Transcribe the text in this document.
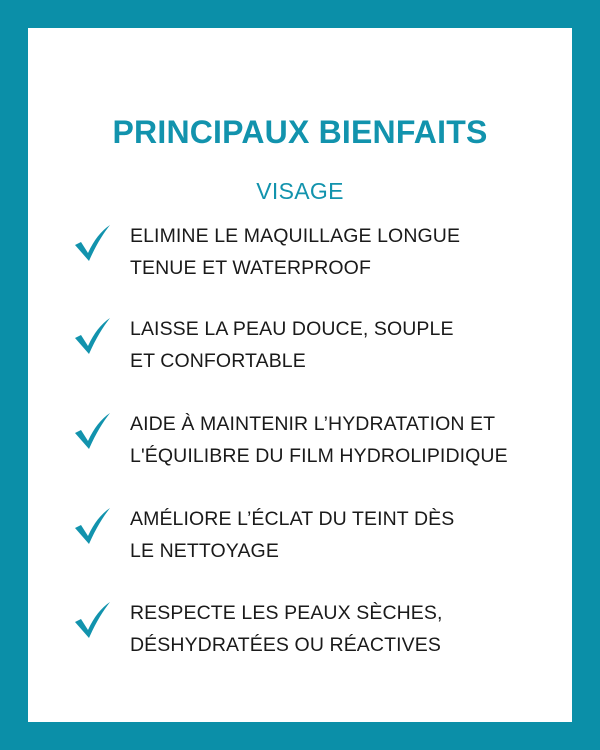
PRINCIPAUX BIENFAITS
VISAGE
ELIMINE LE MAQUILLAGE LONGUE
TENUE ET WATERPROOF
LAISSE LA PEAU DOUCE, SOUPLE
ET CONFORTABLE
AIDE À MAINTENIR L’HYDRATATION ET
L'ÉQUILIBRE DU FILM HYDROLIPIDIQUE
AMÉLIORE L’ÉCLAT DU TEINT DÈS
LE NETTOYAGE
RESPECTE LES PEAUX SÈCHES,
DÉSHYDRATÉES OU RÉACTIVES
